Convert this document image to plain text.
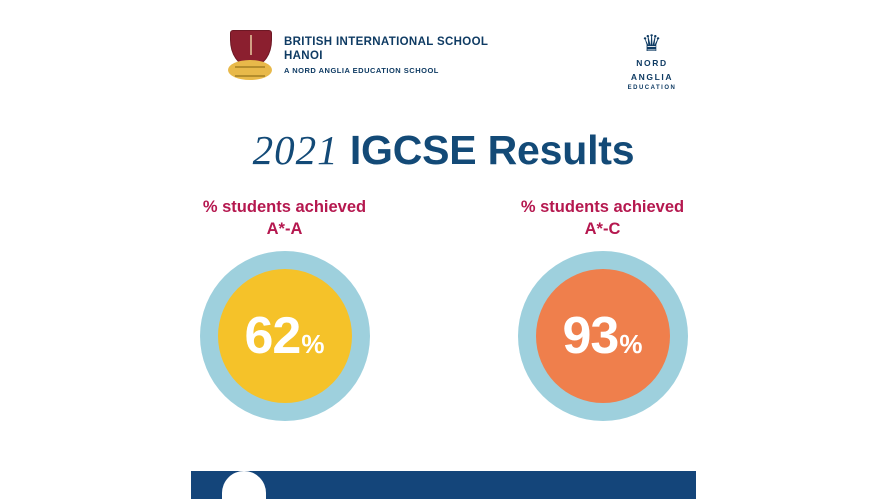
BRITISH INTERNATIONAL SCHOOL
HANOI
A NORD ANGLIA EDUCATION SCHOOL
♛
NORD
ANGLIA
EDUCATION
2021 IGCSE Results
% students achieved
A*-A
62 %
% students achieved
A*-C
93 %
